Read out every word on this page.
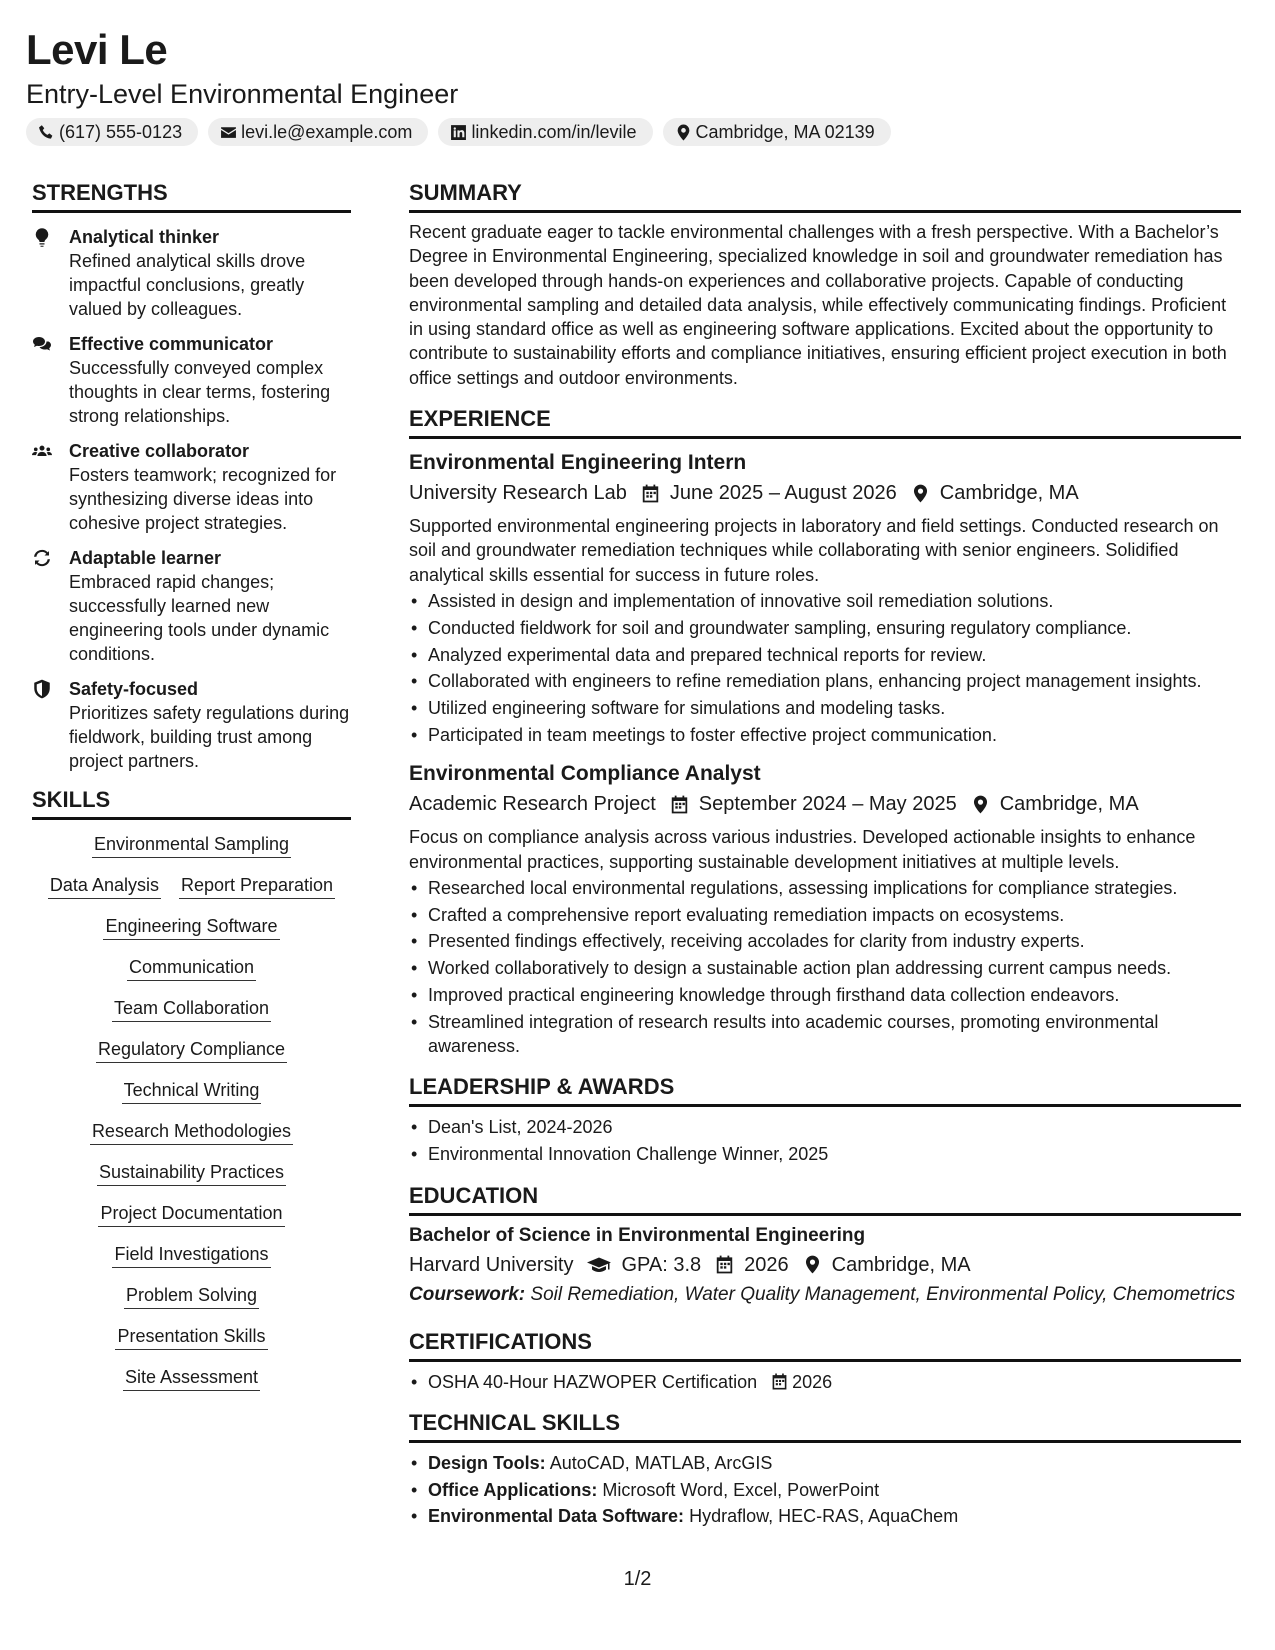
Levi Le
Entry-Level Environmental Engineer
(617) 555-0123	levi.le@example.com	linkedin.com/in/levile	Cambridge, MA 02139
STRENGTHS
Analytical thinker
Refined analytical skills drove impactful conclusions, greatly valued by colleagues.
Effective communicator
Successfully conveyed complex thoughts in clear terms, fostering strong relationships.
Creative collaborator
Fosters teamwork; recognized for synthesizing diverse ideas into cohesive project strategies.
Adaptable learner
Embraced rapid changes; successfully learned new engineering tools under dynamic conditions.
Safety-focused
Prioritizes safety regulations during fieldwork, building trust among project partners.
SKILLS
Environmental Sampling
Data Analysis Report Preparation
Engineering Software
Communication
Team Collaboration
Regulatory Compliance
Technical Writing
Research Methodologies
Sustainability Practices
Project Documentation
Field Investigations
Problem Solving
Presentation Skills
Site Assessment
SUMMARY
Recent graduate eager to tackle environmental challenges with a fresh perspective. With a Bachelor’s Degree in Environmental Engineering, specialized knowledge in soil and groundwater remediation has been developed through hands-on experiences and collaborative projects. Capable of conducting environmental sampling and detailed data analysis, while effectively communicating findings. Proficient in using standard office as well as engineering software applications. Excited about the opportunity to contribute to sustainability efforts and compliance initiatives, ensuring efficient project execution in both office settings and outdoor environments.
EXPERIENCE
Environmental Engineering Intern
University Research Lab June 2025 – August 2026 Cambridge, MA
Supported environmental engineering projects in laboratory and field settings. Conducted research on soil and groundwater remediation techniques while collaborating with senior engineers. Solidified analytical skills essential for success in future roles.
• Assisted in design and implementation of innovative soil remediation solutions.
• Conducted fieldwork for soil and groundwater sampling, ensuring regulatory compliance.
• Analyzed experimental data and prepared technical reports for review.
• Collaborated with engineers to refine remediation plans, enhancing project management insights.
• Utilized engineering software for simulations and modeling tasks.
• Participated in team meetings to foster effective project communication.
Environmental Compliance Analyst
Academic Research Project September 2024 – May 2025 Cambridge, MA
Focus on compliance analysis across various industries. Developed actionable insights to enhance environmental practices, supporting sustainable development initiatives at multiple levels.
• Researched local environmental regulations, assessing implications for compliance strategies.
• Crafted a comprehensive report evaluating remediation impacts on ecosystems.
• Presented findings effectively, receiving accolades for clarity from industry experts.
• Worked collaboratively to design a sustainable action plan addressing current campus needs.
• Improved practical engineering knowledge through firsthand data collection endeavors.
• Streamlined integration of research results into academic courses, promoting environmental awareness.
LEADERSHIP & AWARDS
• Dean's List, 2024-2026
• Environmental Innovation Challenge Winner, 2025
EDUCATION
Bachelor of Science in Environmental Engineering
Harvard University GPA: 3.8 2026 Cambridge, MA
Coursework: Soil Remediation, Water Quality Management, Environmental Policy, Chemometrics
CERTIFICATIONS
• OSHA 40-Hour HAZWOPER Certification 2026
TECHNICAL SKILLS
• Design Tools: AutoCAD, MATLAB, ArcGIS
• Office Applications: Microsoft Word, Excel, PowerPoint
• Environmental Data Software: Hydraflow, HEC-RAS, AquaChem
1/2
